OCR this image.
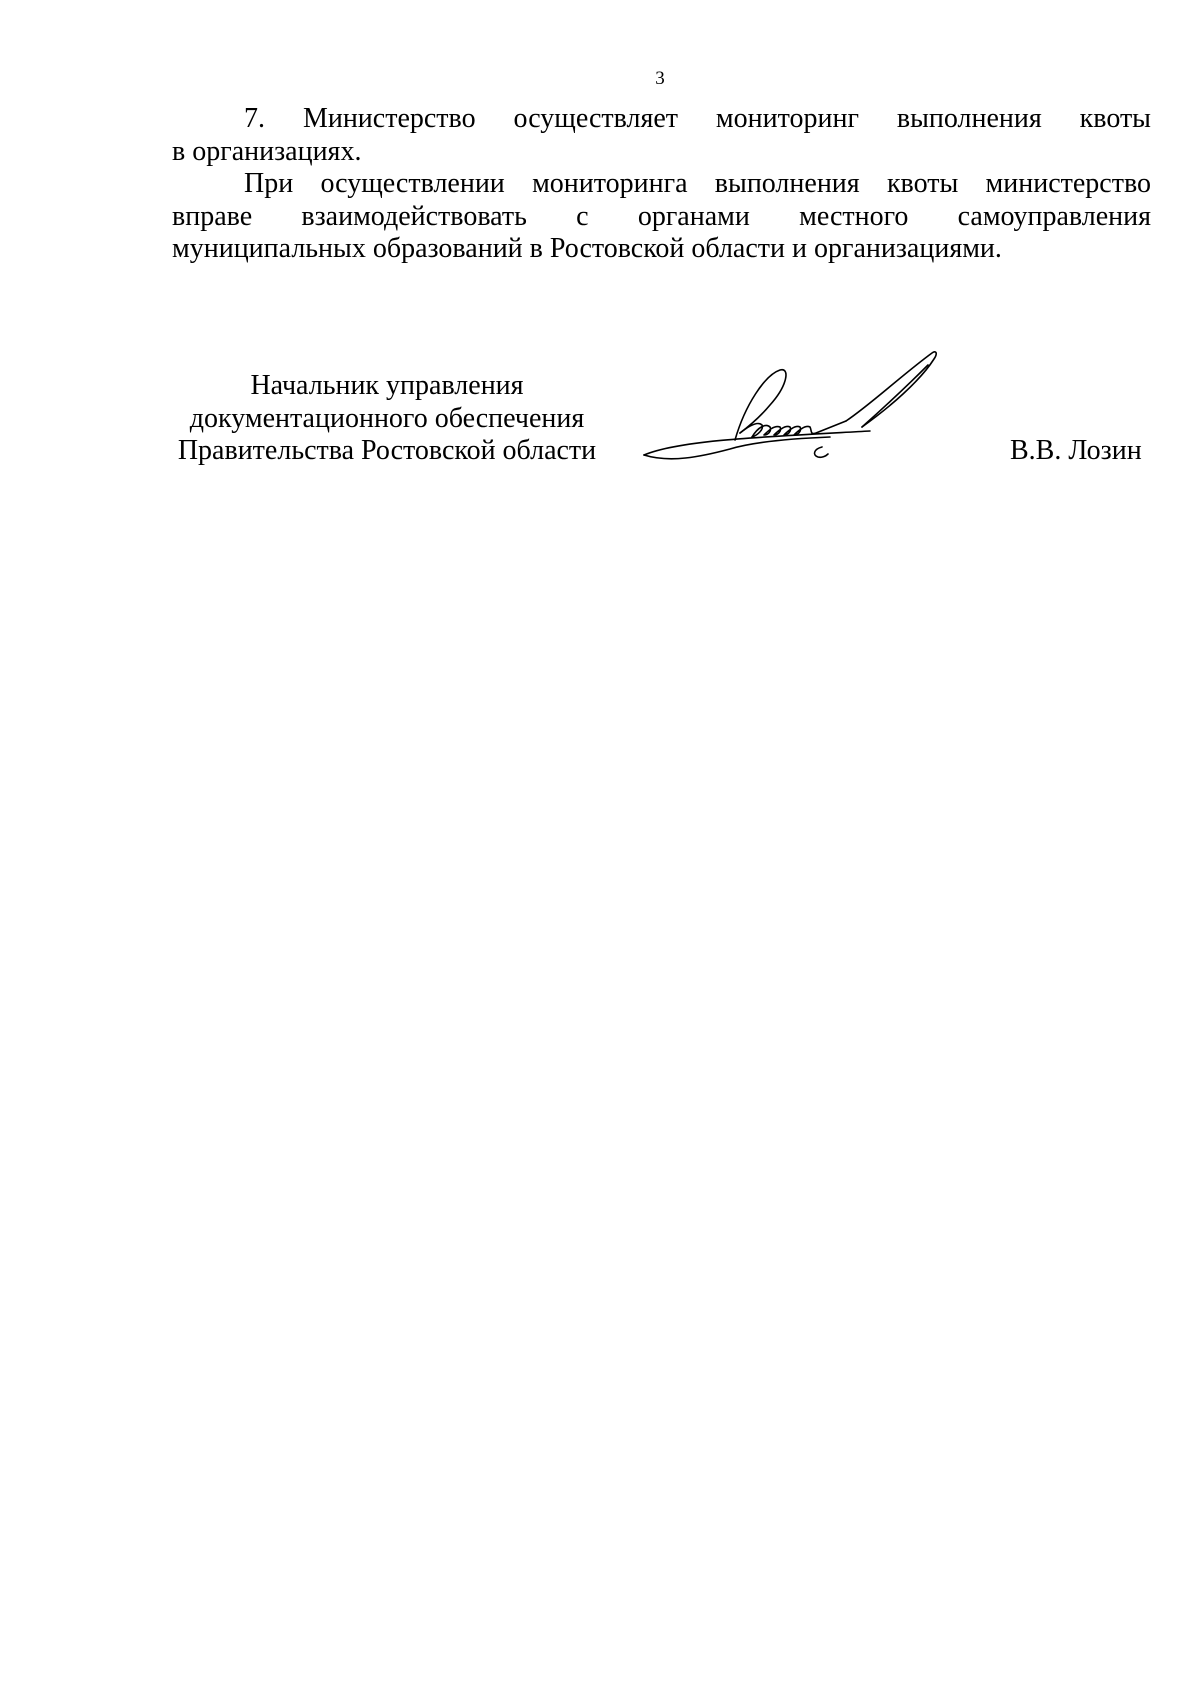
3

7. Министерство осуществляет мониторинг выполнения квоты
в организациях.

При осуществлении мониторинга выполнения квоты министерство
вправе взаимодействовать с органами местного самоуправления
муниципальных образований в Ростовской области и организациями.

Начальник управления
документационного обеспечения
Правительства Ростовской области	В.В. Лозин
